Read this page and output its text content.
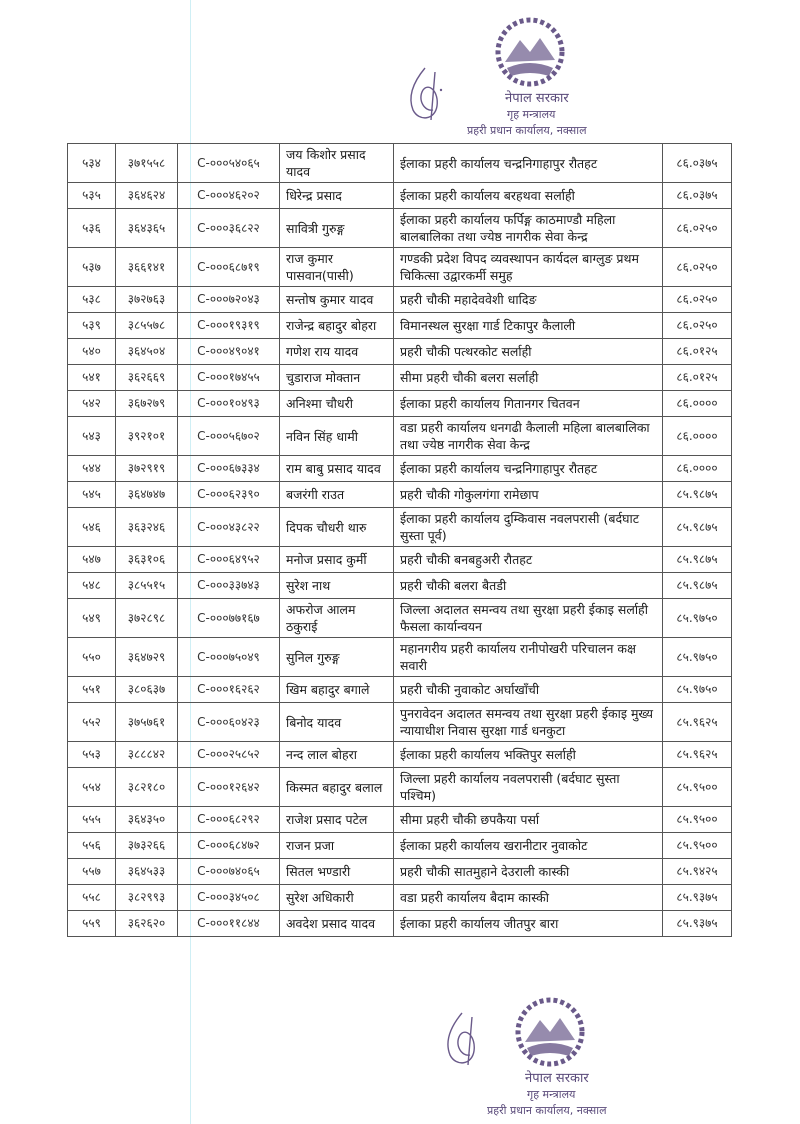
नेपाल सरकार
गृह मन्त्रालय
प्रहरी प्रधान कार्यालय, नक्साल
५३४	३७१५५८	C-०००५४०६५	जय किशोर प्रसाद यादव	ईलाका प्रहरी कार्यालय चन्द्रनिगाहापुर रौतहट	८६.०३७५
५३५	३६४६२४	C-०००४६२०२	धिरेन्द्र प्रसाद	ईलाका प्रहरी कार्यालय बरहथवा सर्लाही	८६.०३७५
५३६	३६४३६५	C-०००३६८२२	सावित्री गुरुङ्ग	ईलाका प्रहरी कार्यालय फर्पिङ्ग काठमाण्डौ महिला बालबालिका तथा ज्येष्ठ नागरीक सेवा केन्द्र	८६.०२५०
५३७	३६६१४१	C-०००६८७१९	राज कुमार पासवान(पासी)	गण्डकी प्रदेश विपद व्यवस्थापन कार्यदल बाग्लुङ प्रथम चिकित्सा उद्वारकर्मी समुह	८६.०२५०
५३८	३७२७६३	C-०००७२०४३	सन्तोष कुमार यादव	प्रहरी चौकी महादेववेशी धादिङ	८६.०२५०
५३९	३८५५७८	C-०००१९३१९	राजेन्द्र बहादुर बोहरा	विमानस्थल सुरक्षा गार्ड टिकापुर कैलाली	८६.०२५०
५४०	३६४५०४	C-०००४९०४१	गणेश राय यादव	प्रहरी चौकी पत्थरकोट सर्लाही	८६.०१२५
५४१	३६२६६९	C-०००१७४५५	चुडाराज मोक्तान	सीमा प्रहरी चौकी बलरा सर्लाही	८६.०१२५
५४२	३६७२७९	C-०००१०४९३	अनिश्मा चौधरी	ईलाका प्रहरी कार्यालय गितानगर चितवन	८६.००००
५४३	३९२१०१	C-०००५६७०२	नविन सिंह धामी	वडा प्रहरी कार्यालय धनगढी कैलाली महिला बालबालिका तथा ज्येष्ठ नागरीक सेवा केन्द्र	८६.००००
५४४	३७२९१९	C-०००६७३३४	राम बाबु प्रसाद यादव	ईलाका प्रहरी कार्यालय चन्द्रनिगाहापुर रौतहट	८६.००००
५४५	३६४७४७	C-०००६२३९०	बजरंगी राउत	प्रहरी चौकी गोकुलगंगा रामेछाप	८५.९८७५
५४६	३६३२४६	C-०००४३८२२	दिपक चौधरी थारु	ईलाका प्रहरी कार्यालय दुम्किवास नवलपरासी (बर्दघाट सुस्ता पूर्व)	८५.९८७५
५४७	३६३१०६	C-०००६४९५२	मनोज प्रसाद कुर्मी	प्रहरी चौकी बनबहुअरी रौतहट	८५.९८७५
५४८	३८५५१५	C-०००३३७४३	सुरेश नाथ	प्रहरी चौकी बलरा बैतडी	८५.९८७५
५४९	३७२८९८	C-०००७७१६७	अफरोज आलम ठकुराई	जिल्ला अदालत समन्वय तथा सुरक्षा प्रहरी ईकाइ सर्लाही फैसला कार्यान्वयन	८५.९७५०
५५०	३६४७२९	C-०००७५०४९	सुनिल गुरुङ्ग	महानगरीय प्रहरी कार्यालय रानीपोखरी परिचालन कक्ष सवारी	८५.९७५०
५५१	३८०६३७	C-०००१६२६२	खिम बहादुर बगाले	प्रहरी चौकी नुवाकोट अर्घाखाँची	८५.९७५०
५५२	३७५७६१	C-०००६०४२३	बिनोद यादव	पुनरावेदन अदालत समन्वय तथा सुरक्षा प्रहरी ईकाइ मुख्य न्यायाधीश निवास सुरक्षा गार्ड धनकुटा	८५.९६२५
५५३	३८८८४२	C-०००२५८५२	नन्द लाल बोहरा	ईलाका प्रहरी कार्यालय भक्तिपुर सर्लाही	८५.९६२५
५५४	३८२१८०	C-०००१२६४२	किस्मत बहादुर बलाल	जिल्ला प्रहरी कार्यालय नवलपरासी (बर्दघाट सुस्ता पश्चिम)	८५.९५००
५५५	३६४३५०	C-०००६८२९२	राजेश प्रसाद पटेल	सीमा प्रहरी चौकी छपकैया पर्सा	८५.९५००
५५६	३७३२६६	C-०००६८४७२	राजन प्रजा	ईलाका प्रहरी कार्यालय खरानीटार नुवाकोट	८५.९५००
५५७	३६४५३३	C-०००७४०६५	सितल भण्डारी	प्रहरी चौकी सातमुहाने देउराली कास्की	८५.९४२५
५५८	३८२९९३	C-०००३४५०८	सुरेश अधिकारी	वडा प्रहरी कार्यालय बैदाम कास्की	८५.९३७५
५५९	३६२६२०	C-०००११८४४	अवदेश प्रसाद यादव	ईलाका प्रहरी कार्यालय जीतपुर बारा	८५.९३७५
नेपाल सरकार
गृह मन्त्रालय
प्रहरी प्रधान कार्यालय, नक्साल
